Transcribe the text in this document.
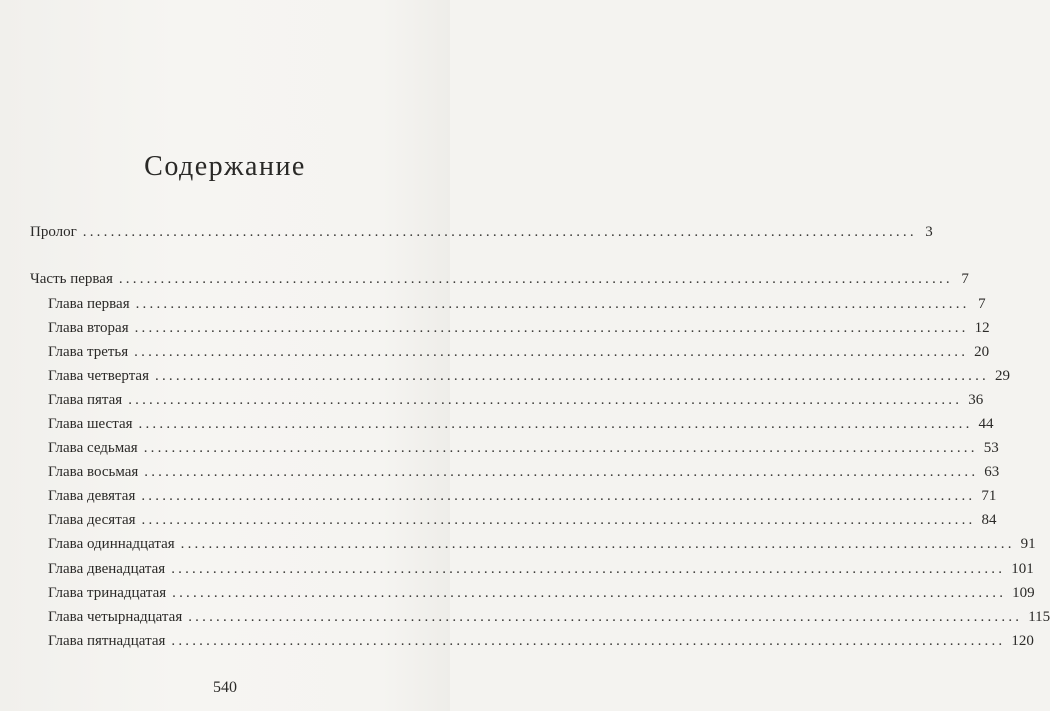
Содержание
Пролог ........................................................................................................................ 3
Часть первая ........................................................................................................................ 7
Глава первая ........................................................................................................................ 7
Глава вторая ........................................................................................................................ 12
Глава третья ........................................................................................................................ 20
Глава четвертая ........................................................................................................................ 29
Глава пятая ........................................................................................................................ 36
Глава шестая ........................................................................................................................ 44
Глава седьмая ........................................................................................................................ 53
Глава восьмая ........................................................................................................................ 63
Глава девятая ........................................................................................................................ 71
Глава десятая ........................................................................................................................ 84
Глава одиннадцатая ........................................................................................................................ 91
Глава двенадцатая ........................................................................................................................ 101
Глава тринадцатая ........................................................................................................................ 109
Глава четырнадцатая ........................................................................................................................ 115
Глава пятнадцатая ........................................................................................................................ 120
540
